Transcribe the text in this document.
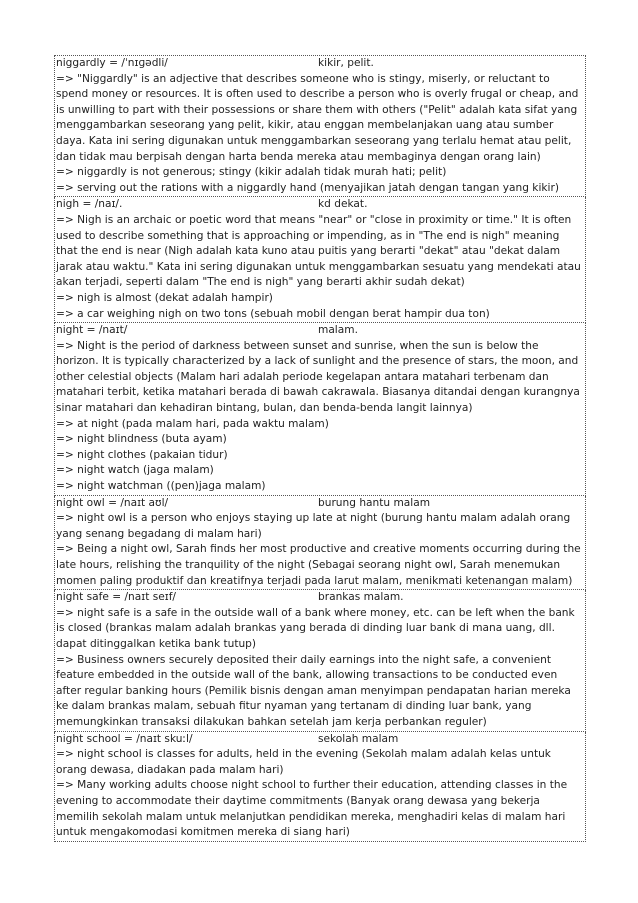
niggardly = /ˈnɪɡədli/	kikir, pelit.

=> "Niggardly" is an adjective that describes someone who is stingy, miserly, or reluctant to spend money or resources. It is often used to describe a person who is overly frugal or cheap, and is unwilling to part with their possessions or share them with others ("Pelit" adalah kata sifat yang menggambarkan seseorang yang pelit, kikir, atau enggan membelanjakan uang atau sumber daya. Kata ini sering digunakan untuk menggambarkan seseorang yang terlalu hemat atau pelit, dan tidak mau berpisah dengan harta benda mereka atau membaginya dengan orang lain)

=> niggardly is not generous; stingy (kikir adalah tidak murah hati; pelit)

=> serving out the rations with a niggardly hand (menyajikan jatah dengan tangan yang kikir)

nigh = /naɪ/.	kd dekat.

=> Nigh is an archaic or poetic word that means "near" or "close in proximity or time." It is often used to describe something that is approaching or impending, as in "The end is nigh" meaning that the end is near (Nigh adalah kata kuno atau puitis yang berarti "dekat" atau "dekat dalam jarak atau waktu." Kata ini sering digunakan untuk menggambarkan sesuatu yang mendekati atau akan terjadi, seperti dalam "The end is nigh" yang berarti akhir sudah dekat)

=> nigh is almost (dekat adalah hampir)

=> a car weighing nigh on two tons (sebuah mobil dengan berat hampir dua ton)

night = /naɪt/	malam.

=> Night is the period of darkness between sunset and sunrise, when the sun is below the horizon. It is typically characterized by a lack of sunlight and the presence of stars, the moon, and other celestial objects (Malam hari adalah periode kegelapan antara matahari terbenam dan matahari terbit, ketika matahari berada di bawah cakrawala. Biasanya ditandai dengan kurangnya sinar matahari dan kehadiran bintang, bulan, dan benda-benda langit lainnya)

=> at night (pada malam hari, pada waktu malam)

=> night blindness (buta ayam)

=> night clothes (pakaian tidur)

=> night watch (jaga malam)

=> night watchman ((pen)jaga malam)

night owl = /naɪt aʊl/	burung hantu malam

=> night owl is a person who enjoys staying up late at night (burung hantu malam adalah orang yang senang begadang di malam hari)

=> Being a night owl, Sarah finds her most productive and creative moments occurring during the late hours, relishing the tranquility of the night (Sebagai seorang night owl, Sarah menemukan momen paling produktif dan kreatifnya terjadi pada larut malam, menikmati ketenangan malam)

night safe = /naɪt seɪf/	brankas malam.

=> night safe is a safe in the outside wall of a bank where money, etc. can be left when the bank is closed (brankas malam adalah brankas yang berada di dinding luar bank di mana uang, dll. dapat ditinggalkan ketika bank tutup)

=> Business owners securely deposited their daily earnings into the night safe, a convenient feature embedded in the outside wall of the bank, allowing transactions to be conducted even after regular banking hours (Pemilik bisnis dengan aman menyimpan pendapatan harian mereka ke dalam brankas malam, sebuah fitur nyaman yang tertanam di dinding luar bank, yang memungkinkan transaksi dilakukan bahkan setelah jam kerja perbankan reguler)

night school = /naɪt skuːl/	sekolah malam

=> night school is classes for adults, held in the evening (Sekolah malam adalah kelas untuk orang dewasa, diadakan pada malam hari)

=> Many working adults choose night school to further their education, attending classes in the evening to accommodate their daytime commitments (Banyak orang dewasa yang bekerja memilih sekolah malam untuk melanjutkan pendidikan mereka, menghadiri kelas di malam hari untuk mengakomodasi komitmen mereka di siang hari)
